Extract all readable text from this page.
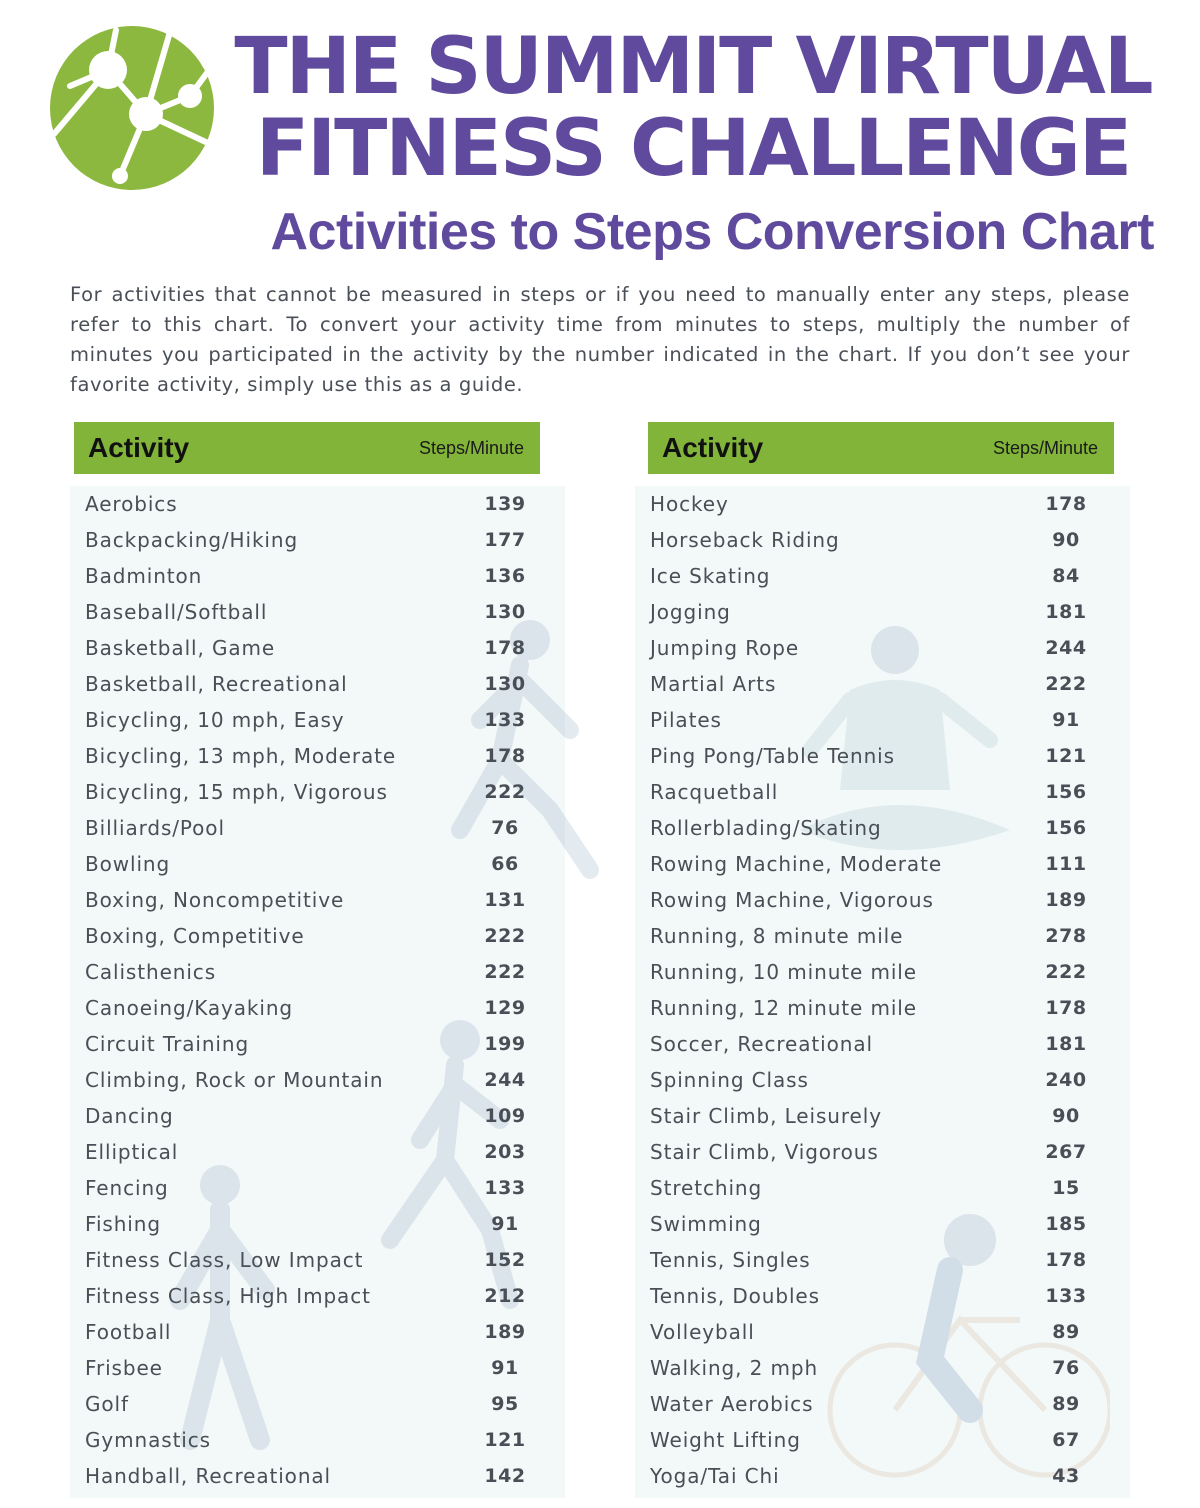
THE SUMMIT VIRTUAL
FITNESS CHALLENGE
Activities to Steps Conversion Chart
For activities that cannot be measured in steps or if you need to manually enter any steps, please refer to this chart. To convert your activity time from minutes to steps, multiply the number of minutes you participated in the activity by the number indicated in the chart. If you don’t see your favorite activity, simply use this as a guide.
Activity	Steps/Minute
Aerobics	139
Backpacking/Hiking	177
Badminton	136
Baseball/Softball	130
Basketball, Game	178
Basketball, Recreational	130
Bicycling, 10 mph, Easy	133
Bicycling, 13 mph, Moderate	178
Bicycling, 15 mph, Vigorous	222
Billiards/Pool	76
Bowling	66
Boxing, Noncompetitive	131
Boxing, Competitive	222
Calisthenics	222
Canoeing/Kayaking	129
Circuit Training	199
Climbing, Rock or Mountain	244
Dancing	109
Elliptical	203
Fencing	133
Fishing	91
Fitness Class, Low Impact	152
Fitness Class, High Impact	212
Football	189
Frisbee	91
Golf	95
Gymnastics	121
Handball, Recreational	142
Activity	Steps/Minute
Hockey	178
Horseback Riding	90
Ice Skating	84
Jogging	181
Jumping Rope	244
Martial Arts	222
Pilates	91
Ping Pong/Table Tennis	121
Racquetball	156
Rollerblading/Skating	156
Rowing Machine, Moderate	111
Rowing Machine, Vigorous	189
Running, 8 minute mile	278
Running, 10 minute mile	222
Running, 12 minute mile	178
Soccer, Recreational	181
Spinning Class	240
Stair Climb, Leisurely	90
Stair Climb, Vigorous	267
Stretching	15
Swimming	185
Tennis, Singles	178
Tennis, Doubles	133
Volleyball	89
Walking, 2 mph	76
Water Aerobics	89
Weight Lifting	67
Yoga/Tai Chi	43
